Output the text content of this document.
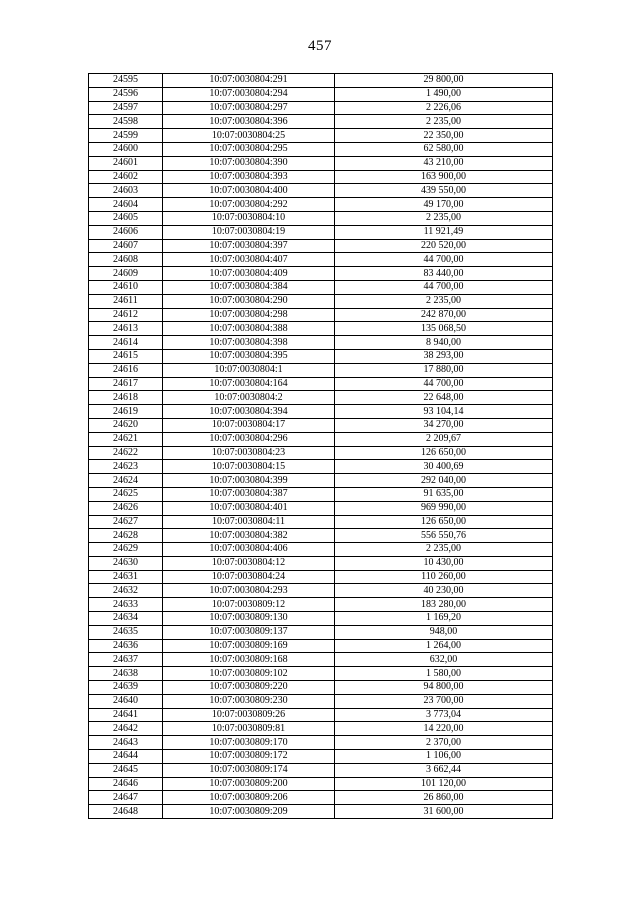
457
24595	10:07:0030804:291	29 800,00
24596	10:07:0030804:294	1 490,00
24597	10:07:0030804:297	2 226,06
24598	10:07:0030804:396	2 235,00
24599	10:07:0030804:25	22 350,00
24600	10:07:0030804:295	62 580,00
24601	10:07:0030804:390	43 210,00
24602	10:07:0030804:393	163 900,00
24603	10:07:0030804:400	439 550,00
24604	10:07:0030804:292	49 170,00
24605	10:07:0030804:10	2 235,00
24606	10:07:0030804:19	11 921,49
24607	10:07:0030804:397	220 520,00
24608	10:07:0030804:407	44 700,00
24609	10:07:0030804:409	83 440,00
24610	10:07:0030804:384	44 700,00
24611	10:07:0030804:290	2 235,00
24612	10:07:0030804:298	242 870,00
24613	10:07:0030804:388	135 068,50
24614	10:07:0030804:398	8 940,00
24615	10:07:0030804:395	38 293,00
24616	10:07:0030804:1	17 880,00
24617	10:07:0030804:164	44 700,00
24618	10:07:0030804:2	22 648,00
24619	10:07:0030804:394	93 104,14
24620	10:07:0030804:17	34 270,00
24621	10:07:0030804:296	2 209,67
24622	10:07:0030804:23	126 650,00
24623	10:07:0030804:15	30 400,69
24624	10:07:0030804:399	292 040,00
24625	10:07:0030804:387	91 635,00
24626	10:07:0030804:401	969 990,00
24627	10:07:0030804:11	126 650,00
24628	10:07:0030804:382	556 550,76
24629	10:07:0030804:406	2 235,00
24630	10:07:0030804:12	10 430,00
24631	10:07:0030804:24	110 260,00
24632	10:07:0030804:293	40 230,00
24633	10:07:0030809:12	183 280,00
24634	10:07:0030809:130	1 169,20
24635	10:07:0030809:137	948,00
24636	10:07:0030809:169	1 264,00
24637	10:07:0030809:168	632,00
24638	10:07:0030809:102	1 580,00
24639	10:07:0030809:220	94 800,00
24640	10:07:0030809:230	23 700,00
24641	10:07:0030809:26	3 773,04
24642	10:07:0030809:81	14 220,00
24643	10:07:0030809:170	2 370,00
24644	10:07:0030809:172	1 106,00
24645	10:07:0030809:174	3 662,44
24646	10:07:0030809:200	101 120,00
24647	10:07:0030809:206	26 860,00
24648	10:07:0030809:209	31 600,00
